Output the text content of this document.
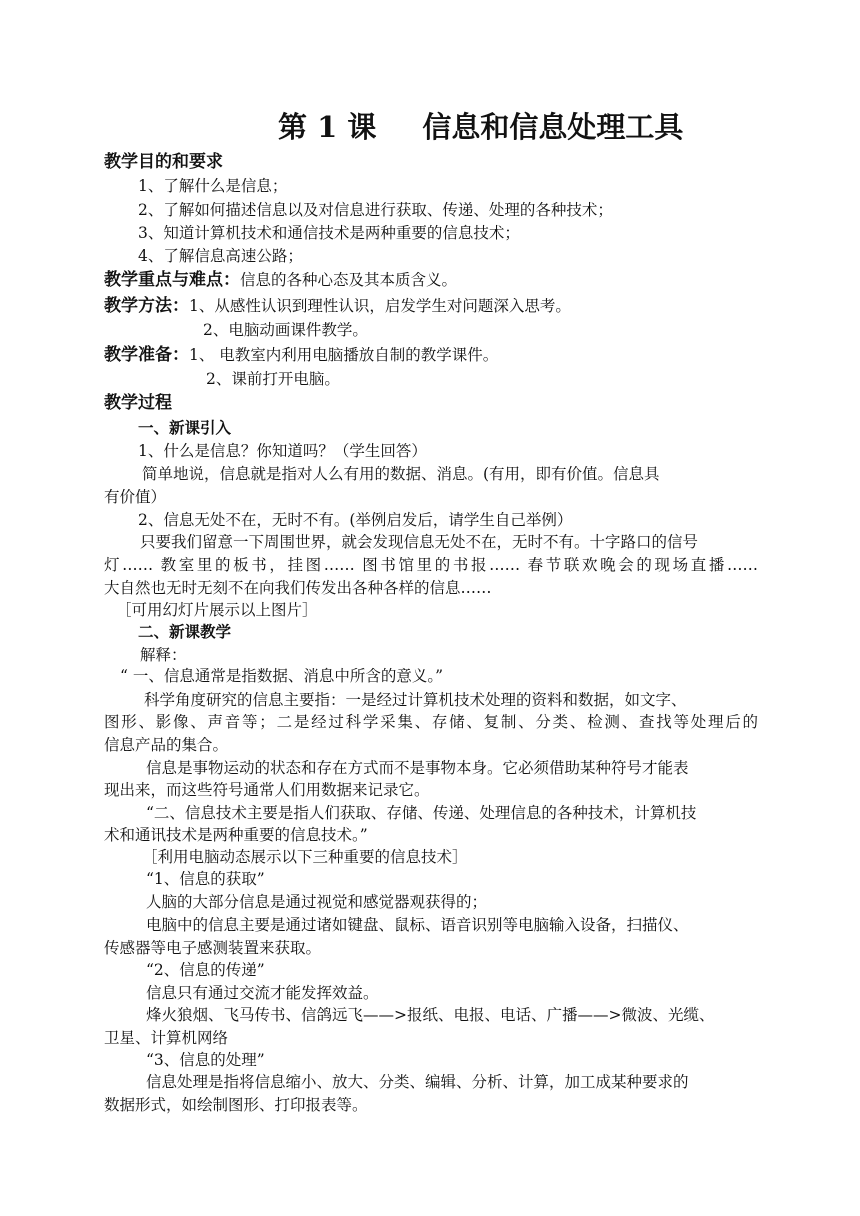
第 1 课 信息和信息处理工具
教学目的和要求
1、了解什么是信息；
2、了解如何描述信息以及对信息进行获取、传递、处理的各种技术；
3、知道计算机技术和通信技术是两种重要的信息技术；
4、了解信息高速公路；
教学重点与难点：信息的各种心态及其本质含义。
教学方法：1、从感性认识到理性认识，启发学生对问题深入思考。
2、电脑动画课件教学。
教学准备：1、 电教室内利用电脑播放自制的教学课件。
2、课前打开电脑。
教学过程
一、新课引入
1、什么是信息？你知道吗？（学生回答）
简单地说，信息就是指对人么有用的数据、消息。(有用，即有价值。信息具
有价值）
2、信息无处不在，无时不有。(举例启发后，请学生自己举例）
只要我们留意一下周围世界，就会发现信息无处不在，无时不有。十字路口的信号
灯…… 教室里的板书，挂图…… 图书馆里的书报…… 春节联欢晚会的现场直播……
大自然也无时无刻不在向我们传发出各种各样的信息……
［可用幻灯片展示以上图片］
二、新课教学
解释：
“ 一、信息通常是指数据、消息中所含的意义。”
科学角度研究的信息主要指：一是经过计算机技术处理的资料和数据，如文字、
图形、影像、声音等；二是经过科学采集、存储、复制、分类、检测、查找等处理后的
信息产品的集合。
信息是事物运动的状态和存在方式而不是事物本身。它必须借助某种符号才能表
现出来，而这些符号通常人们用数据来记录它。
“二、信息技术主要是指人们获取、存储、传递、处理信息的各种技术，计算机技
术和通讯技术是两种重要的信息技术。”
［利用电脑动态展示以下三种重要的信息技术］
“1、信息的获取”
人脑的大部分信息是通过视觉和感觉器观获得的；
电脑中的信息主要是通过诸如键盘、鼠标、语音识别等电脑输入设备，扫描仪、
传感器等电子感测装置来获取。
“2、信息的传递”
信息只有通过交流才能发挥效益。
烽火狼烟、飞马传书、信鸽远飞——>报纸、电报、电话、广播——>微波、光缆、
卫星、计算机网络
“3、信息的处理”
信息处理是指将信息缩小、放大、分类、编辑、分析、计算，加工成某种要求的
数据形式，如绘制图形、打印报表等。
